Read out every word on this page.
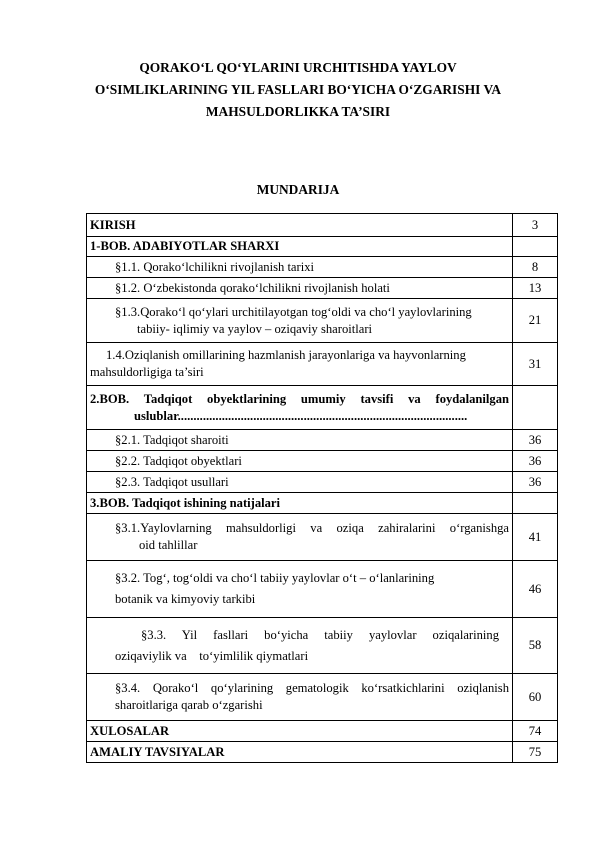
QORAKO‘L QO‘YLARINI URCHITISHDA YAYLOV
O‘SIMLIKLARINING YIL FASLLARI BO‘YICHA O‘ZGARISHI VA
MAHSULDORLIKKA TA’SIRI
MUNDARIJA
KIRISH	3
1-BOB. ADABIYOTLAR SHARXI	
§1.1. Qorako‘lchilikni rivojlanish tarixi	8
§1.2. O‘zbekistonda qorako‘lchilikni rivojlanish holati	13

§1.3.Qorako‘l qo‘ylari urchitilayotgan tog‘oldi va cho‘l yaylovlarining
tabiiy- iqlimiy va yaylov – oziqaviy sharoitlari	21

1.4.Oziqlanish omillarining hazmlanish jarayonlariga va hayvonlarning
mahsuldorligiga ta’siri	31

2.BOB. Tadqiqot obyektlarining umumiy tavsifi va foydalanilgan
uslublar............................................................................................	

§2.1. Tadqiqot sharoiti	36
§2.2. Tadqiqot obyektlari	36
§2.3. Tadqiqot usullari	36
3.BOB. Tadqiqot ishining natijalari	

§3.1.Yaylovlarning mahsuldorligi va oziqa zahiralarini o‘rganishga
oid tahlillar	41

§3.2. Tog‘, tog‘oldi va cho‘l tabiiy yaylovlar o‘t – o‘lanlarining
botanik va kimyoviy tarkibi	46

§3.3. Yil fasllari bo‘yicha tabiiy yaylovlar oziqalarining
oziqaviylik va    to‘yimlilik qiymatlari	58

§3.4. Qorako‘l qo‘ylarining gematologik ko‘rsatkichlarini oziqlanish
sharoitlariga qarab o‘zgarishi	60
XULOSALAR	74
AMALIY TAVSIYALAR	75
